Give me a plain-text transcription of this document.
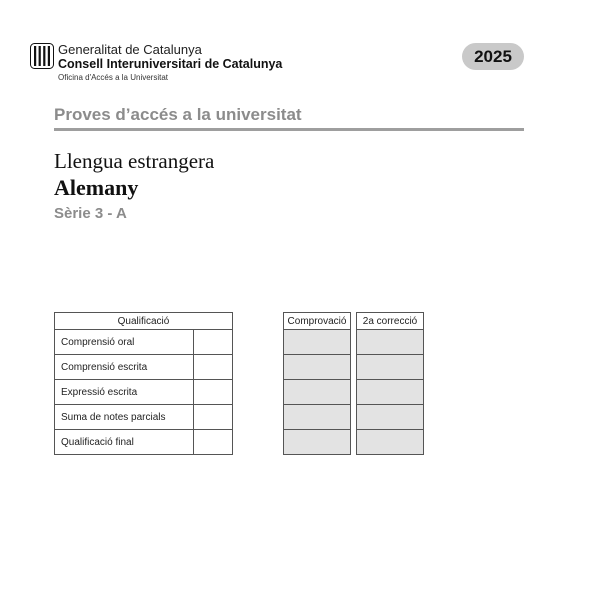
Generalitat de Catalunya
Consell Interuniversitari de Catalunya
Oficina d'Accés a la Universitat
2025
Proves d’accés a la universitat
Llengua estrangera
Alemany
Sèrie 3 - A
Qualificació	
Comprensió oral	
Comprensió escrita	
Expressió escrita	
Suma de notes parcials	
Qualificació final	
Comprovació		2a correcció
